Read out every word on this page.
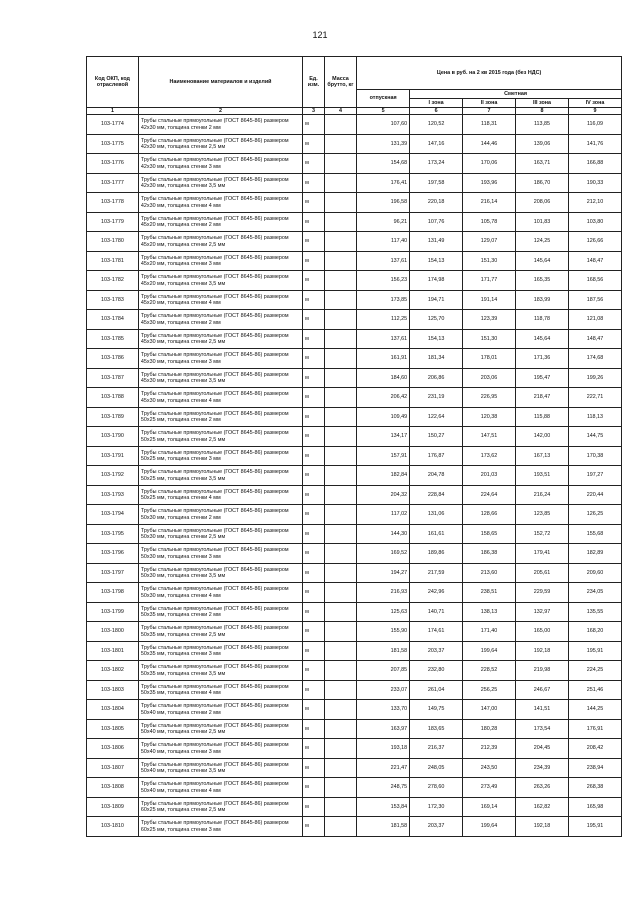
121
Код ОКП, код отраслевой	Наименование материалов и изделий	Ед. изм.	Масса брутто, кг	Цена в руб. на 2 кв 2015 года (без НДС)				
				отпускная	Сметная			
					I зона	II зона	III зона	IV зона
1	2	3	4	5	6	7	8	9
103-1774	Трубы стальные прямоугольные (ГОСТ 8645-86) размером 42х30 мм, толщина стенки 2 мм	м		107,60	120,52	118,31	113,85	116,09
103-1775	Трубы стальные прямоугольные (ГОСТ 8645-86) размером 42х30 мм, толщина стенки 2,5 мм	м		131,39	147,16	144,46	139,06	141,76
103-1776	Трубы стальные прямоугольные (ГОСТ 8645-86) размером 42х30 мм, толщина стенки 3 мм	м		154,68	173,24	170,06	163,71	166,88
103-1777	Трубы стальные прямоугольные (ГОСТ 8645-86) размером 42х30 мм, толщина стенки 3,5 мм	м		176,41	197,58	193,96	186,70	190,33
103-1778	Трубы стальные прямоугольные (ГОСТ 8645-86) размером 42х30 мм, толщина стенки 4 мм	м		196,58	220,18	216,14	208,06	212,10
103-1779	Трубы стальные прямоугольные (ГОСТ 8645-86) размером 45х20 мм, толщина стенки 2 мм	м		96,21	107,76	105,78	101,83	103,80
103-1780	Трубы стальные прямоугольные (ГОСТ 8645-86) размером 45х20 мм, толщина стенки 2,5 мм	м		117,40	131,49	129,07	124,25	126,66
103-1781	Трубы стальные прямоугольные (ГОСТ 8645-86) размером 45х20 мм, толщина стенки 3 мм	м		137,61	154,13	151,30	145,64	148,47
103-1782	Трубы стальные прямоугольные (ГОСТ 8645-86) размером 45х20 мм, толщина стенки 3,5 мм	м		156,23	174,98	171,77	165,35	168,56
103-1783	Трубы стальные прямоугольные (ГОСТ 8645-86) размером 45х20 мм, толщина стенки 4 мм	м		173,85	194,71	191,14	183,99	187,56
103-1784	Трубы стальные прямоугольные (ГОСТ 8645-86) размером 45х30 мм, толщина стенки 2 мм	м		112,25	125,70	123,39	118,78	121,08
103-1785	Трубы стальные прямоугольные (ГОСТ 8645-86) размером 45х30 мм, толщина стенки 2,5 мм	м		137,61	154,13	151,30	145,64	148,47
103-1786	Трубы стальные прямоугольные (ГОСТ 8645-86) размером 45х30 мм, толщина стенки 3 мм	м		161,91	181,34	178,01	171,36	174,68
103-1787	Трубы стальные прямоугольные (ГОСТ 8645-86) размером 45х30 мм, толщина стенки 3,5 мм	м		184,60	206,86	203,06	195,47	199,26
103-1788	Трубы стальные прямоугольные (ГОСТ 8645-86) размером 45х30 мм, толщина стенки 4 мм	м		206,42	231,19	226,95	218,47	222,71
103-1789	Трубы стальные прямоугольные (ГОСТ 8645-86) размером 50х25 мм, толщина стенки 2 мм	м		109,49	122,64	120,38	115,88	118,13
103-1790	Трубы стальные прямоугольные (ГОСТ 8645-86) размером 50х25 мм, толщина стенки 2,5 мм	м		134,17	150,27	147,51	142,00	144,75
103-1791	Трубы стальные прямоугольные (ГОСТ 8645-86) размером 50х25 мм, толщина стенки 3 мм	м		157,91	176,87	173,62	167,13	170,38
103-1792	Трубы стальные прямоугольные (ГОСТ 8645-86) размером 50х25 мм, толщина стенки 3,5 мм	м		182,84	204,78	201,03	193,51	197,27
103-1793	Трубы стальные прямоугольные (ГОСТ 8645-86) размером 50х25 мм, толщина стенки 4 мм	м		204,32	228,84	224,64	216,24	220,44
103-1794	Трубы стальные прямоугольные (ГОСТ 8645-86) размером 50х30 мм, толщина стенки 2 мм	м		117,02	131,06	128,66	123,85	126,25
103-1795	Трубы стальные прямоугольные (ГОСТ 8645-86) размером 50х30 мм, толщина стенки 2,5 мм	м		144,30	161,61	158,65	152,72	155,68
103-1796	Трубы стальные прямоугольные (ГОСТ 8645-86) размером 50х30 мм, толщина стенки 3 мм	м		169,52	189,86	186,38	179,41	182,89
103-1797	Трубы стальные прямоугольные (ГОСТ 8645-86) размером 50х30 мм, толщина стенки 3,5 мм	м		194,27	217,59	213,60	205,61	209,60
103-1798	Трубы стальные прямоугольные (ГОСТ 8645-86) размером 50х30 мм, толщина стенки 4 мм	м		216,93	242,96	238,51	229,59	234,05
103-1799	Трубы стальные прямоугольные (ГОСТ 8645-86) размером 50х35 мм, толщина стенки 2 мм	м		125,63	140,71	138,13	132,97	135,55
103-1800	Трубы стальные прямоугольные (ГОСТ 8645-86) размером 50х35 мм, толщина стенки 2,5 мм	м		155,90	174,61	171,40	165,00	168,20
103-1801	Трубы стальные прямоугольные (ГОСТ 8645-86) размером 50х35 мм, толщина стенки 3 мм	м		181,58	203,37	199,64	192,18	195,91
103-1802	Трубы стальные прямоугольные (ГОСТ 8645-86) размером 50х35 мм, толщина стенки 3,5 мм	м		207,85	232,80	228,52	219,98	224,25
103-1803	Трубы стальные прямоугольные (ГОСТ 8645-86) размером 50х35 мм, толщина стенки 4 мм	м		233,07	261,04	256,25	246,67	251,46
103-1804	Трубы стальные прямоугольные (ГОСТ 8645-86) размером 50х40 мм, толщина стенки 2 мм	м		133,70	149,75	147,00	141,51	144,25
103-1805	Трубы стальные прямоугольные (ГОСТ 8645-86) размером 50х40 мм, толщина стенки 2,5 мм	м		163,97	183,65	180,28	173,54	176,91
103-1806	Трубы стальные прямоугольные (ГОСТ 8645-86) размером 50х40 мм, толщина стенки 3 мм	м		193,18	216,37	212,39	204,45	208,42
103-1807	Трубы стальные прямоугольные (ГОСТ 8645-86) размером 50х40 мм, толщина стенки 3,5 мм	м		221,47	248,05	243,50	234,39	238,94
103-1808	Трубы стальные прямоугольные (ГОСТ 8645-86) размером 50х40 мм, толщина стенки 4 мм	м		248,75	278,60	273,49	263,26	268,38
103-1809	Трубы стальные прямоугольные (ГОСТ 8645-86) размером 60х25 мм, толщина стенки 2,5 мм	м		153,84	172,30	169,14	162,82	165,98
103-1810	Трубы стальные прямоугольные (ГОСТ 8645-86) размером 60х25 мм, толщина стенки 3 мм	м		181,58	203,37	199,64	192,18	195,91
